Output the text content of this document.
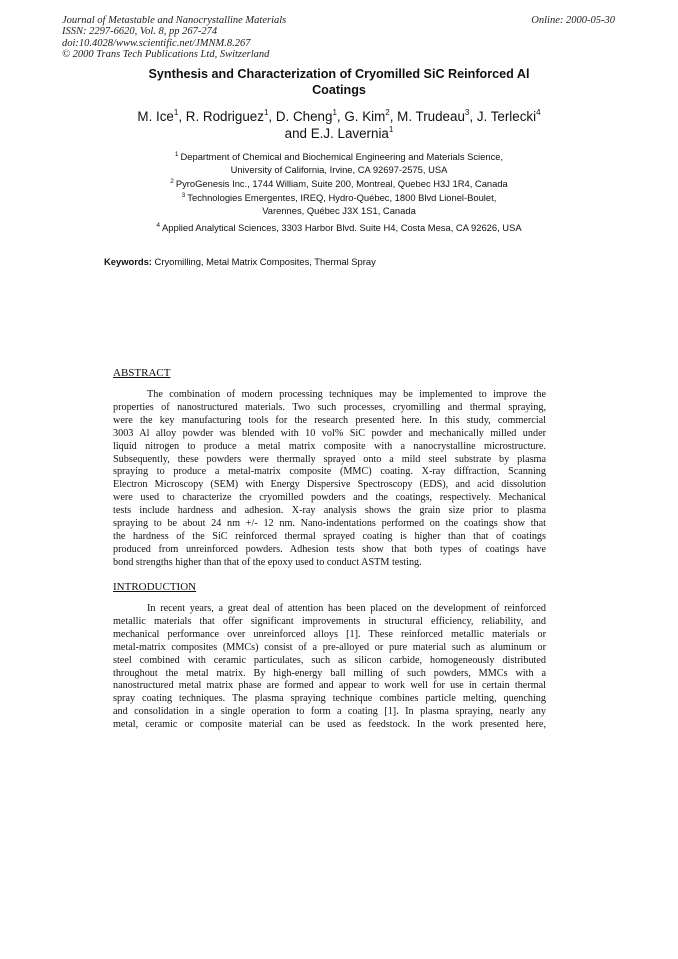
Journal of Metastable and Nanocrystalline Materials
ISSN: 2297-6620, Vol. 8, pp 267-274
doi:10.4028/www.scientific.net/JMNM.8.267
© 2000 Trans Tech Publications Ltd, Switzerland
Online: 2000-05-30
Synthesis and Characterization of Cryomilled SiC Reinforced Al
Coatings
M. Ice$^1$, R. Rodriguez$^1$, D. Cheng$^1$, G. Kim$^2$, M. Trudeau$^3$, J. Terlecki$^4$
and E.J. Lavernia$^1$
$^1$ Department of Chemical and Biochemical Engineering and Materials Science,
University of California, Irvine, CA 92697-2575, USA
$^2$ PyroGenesis Inc., 1744 William, Suite 200, Montreal, Quebec H3J 1R4, Canada
$^3$ Technologies Emergentes, IREQ, Hydro-Québec, 1800 Blvd Lionel-Boulet,
Varennes, Québec J3X 1S1, Canada
$^4$ Applied Analytical Sciences, 3303 Harbor Blvd. Suite H4, Costa Mesa, CA 92626, USA
Keywords: Cryomilling, Metal Matrix Composites, Thermal Spray
ABSTRACT
The combination of modern processing techniques may be implemented to improve the
properties of nanostructured materials. Two such processes, cryomilling and thermal spraying,
were the key manufacturing tools for the research presented here. In this study, commercial
3003 Al alloy powder was blended with 10 vol% SiC powder and mechanically milled under
liquid nitrogen to produce a metal matrix composite with a nanocrystalline microstructure.
Subsequently, these powders were thermally sprayed onto a mild steel substrate by plasma
spraying to produce a metal-matrix composite (MMC) coating. X-ray diffraction, Scanning
Electron Microscopy (SEM) with Energy Dispersive Spectroscopy (EDS), and acid dissolution
were used to characterize the cryomilled powders and the coatings, respectively. Mechanical
tests include hardness and adhesion. X-ray analysis shows the grain size prior to plasma
spraying to be about 24 nm +/- 12 nm. Nano-indentations performed on the coatings show that
the hardness of the SiC reinforced thermal sprayed coating is higher than that of coatings
produced from unreinforced powders. Adhesion tests show that both types of coatings have
bond strengths higher than that of the epoxy used to conduct ASTM testing.
INTRODUCTION
In recent years, a great deal of attention has been placed on the development of reinforced
metallic materials that offer significant improvements in structural efficiency, reliability, and
mechanical performance over unreinforced alloys [1]. These reinforced metallic materials or
metal-matrix composites (MMCs) consist of a pre-alloyed or pure material such as aluminum or
steel combined with ceramic particulates, such as silicon carbide, homogeneously distributed
throughout the metal matrix. By high-energy ball milling of such powders, MMCs with a
nanostructured metal matrix phase are formed and appear to work well for use in certain thermal
spray coating techniques. The plasma spraying technique combines particle melting, quenching
and consolidation in a single operation to form a coating [1]. In plasma spraying, nearly any
metal, ceramic or composite material can be used as feedstock. In the work presented here,
